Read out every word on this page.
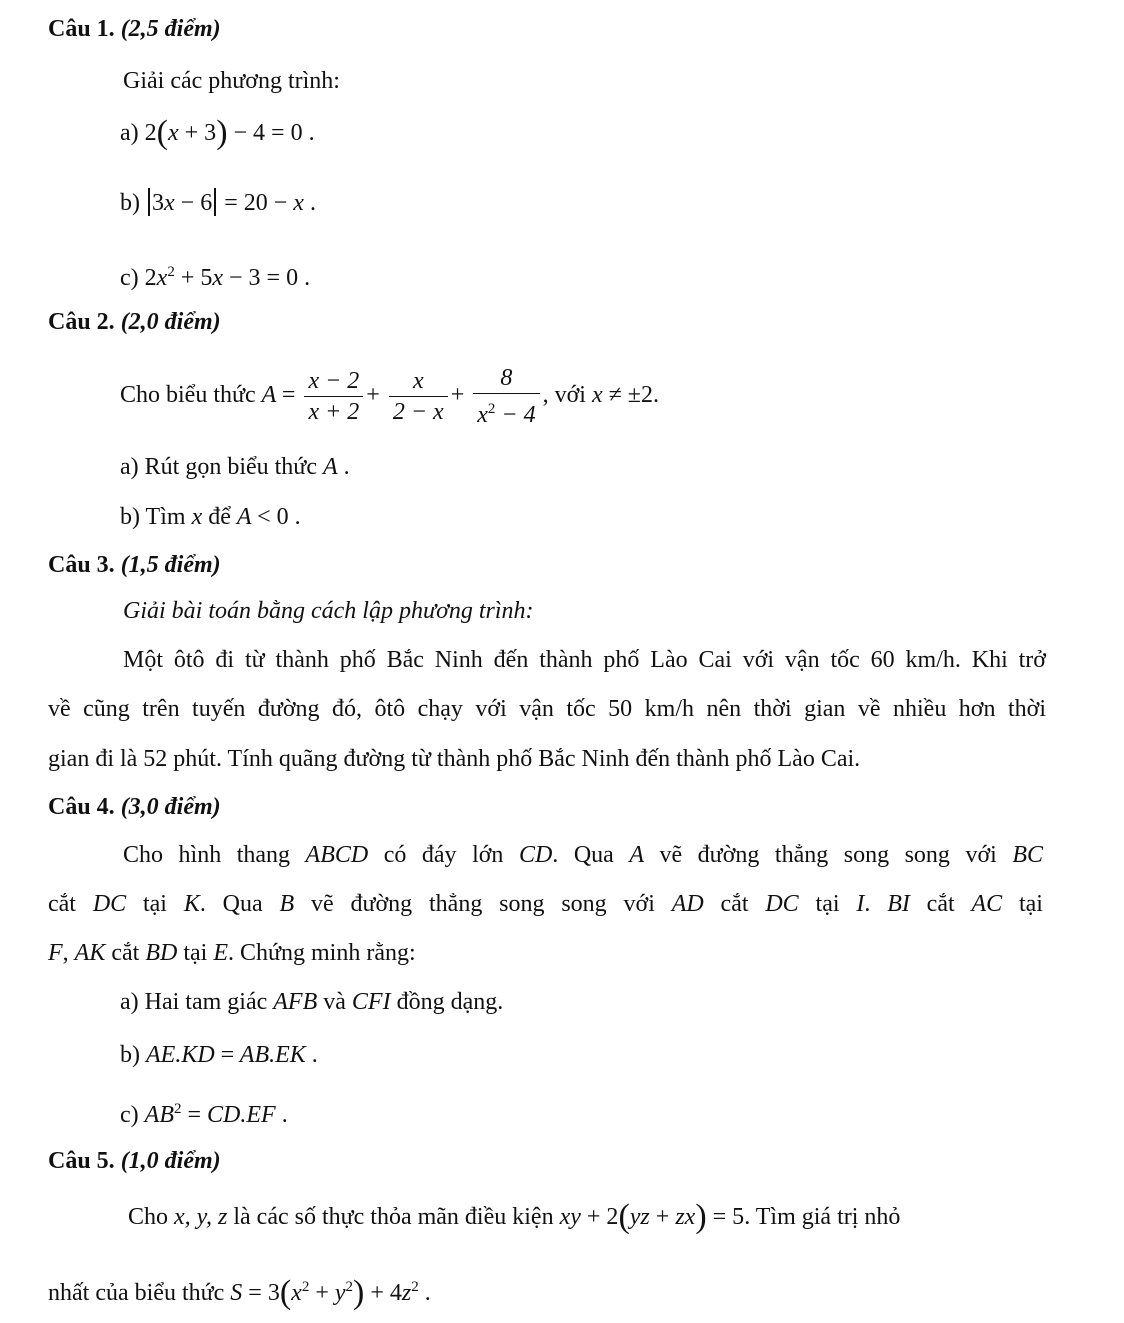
Câu 1. (2,5 điểm)
Giải các phương trình:
a) 2(x + 3) − 4 = 0 .
b) 3x − 6 = 20 − x .
c) $2x^2 + 5x - 3 = 0$ .
Câu 2. (2,0 điểm)
Cho biểu thức $A = \frac{x - 2}{x + 2} + \frac{x}{2 - x} + \frac{8}{x^2 - 4}$ , với x ≠ ±2.
a) Rút gọn biểu thức A .
b) Tìm x để A < 0 .
Câu 3. (1,5 điểm)
Giải bài toán bằng cách lập phương trình:
Một ôtô đi từ thành phố Bắc Ninh đến thành phố Lào Cai với vận tốc 60 km/h. Khi trở
về cũng trên tuyến đường đó, ôtô chạy với vận tốc 50 km/h nên thời gian về nhiều hơn thời
gian đi là 52 phút. Tính quãng đường từ thành phố Bắc Ninh đến thành phố Lào Cai.
Câu 4. (3,0 điểm)
Cho hình thang ABCD có đáy lớn CD. Qua A vẽ đường thẳng song song với BC
cắt DC tại K. Qua B vẽ đường thẳng song song với AD cắt DC tại I. BI cắt AC tại
F, AK cắt BD tại E. Chứng minh rằng:
a) Hai tam giác AFB và CFI đồng dạng.
b) AE.KD = AB.EK .
c) $AB^2 = CD.EF$ .
Câu 5. (1,0 điểm)
Cho x, y, z là các số thực thỏa mãn điều kiện xy + 2(yz + zx) = 5. Tìm giá trị nhỏ
nhất của biểu thức $S = 3(x^2 + y^2) + 4z^2$ .
